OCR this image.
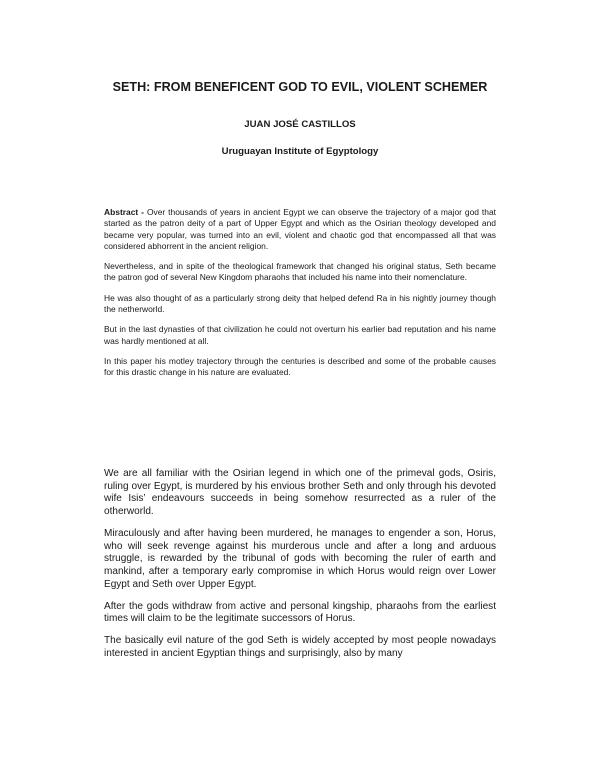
SETH: FROM BENEFICENT GOD TO EVIL, VIOLENT SCHEMER
JUAN JOSÉ CASTILLOS
Uruguayan Institute of Egyptology

Abstract - Over thousands of years in ancient Egypt we can observe the trajectory of a major god that started as the patron deity of a part of Upper Egypt and which as the Osirian theology developed and became very popular, was turned into an evil, violent and chaotic god that encompassed all that was considered abhorrent in the ancient religion.

Nevertheless, and in spite of the theological framework that changed his original status, Seth became the patron god of several New Kingdom pharaohs that included his name into their nomenclature.

He was also thought of as a particularly strong deity that helped defend Ra in his nightly journey though the netherworld.

But in the last dynasties of that civilization he could not overturn his earlier bad reputation and his name was hardly mentioned at all.

In this paper his motley trajectory through the centuries is described and some of the probable causes for this drastic change in his nature are evaluated.

We are all familiar with the Osirian legend in which one of the primeval gods, Osiris, ruling over Egypt, is murdered by his envious brother Seth and only through his devoted wife Isis’ endeavours succeeds in being somehow resurrected as a ruler of the otherworld.

Miraculously and after having been murdered, he manages to engender a son, Horus, who will seek revenge against his murderous uncle and after a long and arduous struggle, is rewarded by the tribunal of gods with becoming the ruler of earth and mankind, after a temporary early compromise in which Horus would reign over Lower Egypt and Seth over Upper Egypt.

After the gods withdraw from active and personal kingship, pharaohs from the earliest times will claim to be the legitimate successors of Horus.

The basically evil nature of the god Seth is widely accepted by most people nowadays interested in ancient Egyptian things and surprisingly, also by many
